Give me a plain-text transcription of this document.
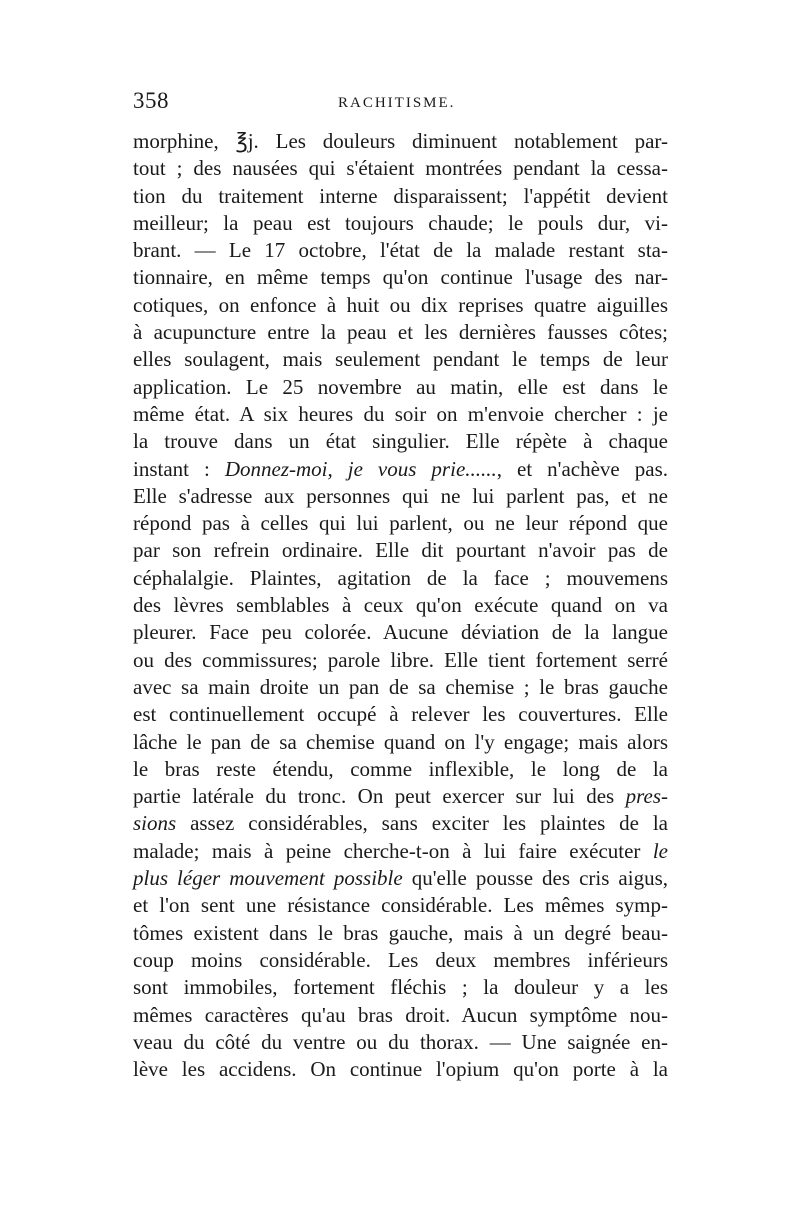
358	RACHITISME.
morphine, ℥j. Les douleurs diminuent notablement par-
tout ; des nausées qui s'étaient montrées pendant la cessa-
tion du traitement interne disparaissent; l'appétit devient
meilleur; la peau est toujours chaude; le pouls dur, vi-
brant. — Le 17 octobre, l'état de la malade restant sta-
tionnaire, en même temps qu'on continue l'usage des nar-
cotiques, on enfonce à huit ou dix reprises quatre aiguilles
à acupuncture entre la peau et les dernières fausses côtes;
elles soulagent, mais seulement pendant le temps de leur
application. Le 25 novembre au matin, elle est dans le
même état. A six heures du soir on m'envoie chercher : je
la trouve dans un état singulier. Elle répète à chaque
instant : Donnez-moi, je vous prie......, et n'achève pas.
Elle s'adresse aux personnes qui ne lui parlent pas, et ne
répond pas à celles qui lui parlent, ou ne leur répond que
par son refrein ordinaire. Elle dit pourtant n'avoir pas de
céphalalgie. Plaintes, agitation de la face ; mouvemens
des lèvres semblables à ceux qu'on exécute quand on va
pleurer. Face peu colorée. Aucune déviation de la langue
ou des commissures; parole libre. Elle tient fortement serré
avec sa main droite un pan de sa chemise ; le bras gauche
est continuellement occupé à relever les couvertures. Elle
lâche le pan de sa chemise quand on l'y engage; mais alors
le bras reste étendu, comme inflexible, le long de la
partie latérale du tronc. On peut exercer sur lui des pres-
sions assez considérables, sans exciter les plaintes de la
malade; mais à peine cherche-t-on à lui faire exécuter le
plus léger mouvement possible qu'elle pousse des cris aigus,
et l'on sent une résistance considérable. Les mêmes symp-
tômes existent dans le bras gauche, mais à un degré beau-
coup moins considérable. Les deux membres inférieurs
sont immobiles, fortement fléchis ; la douleur y a les
mêmes caractères qu'au bras droit. Aucun symptôme nou-
veau du côté du ventre ou du thorax. — Une saignée en-
lève les accidens. On continue l'opium qu'on porte à la
